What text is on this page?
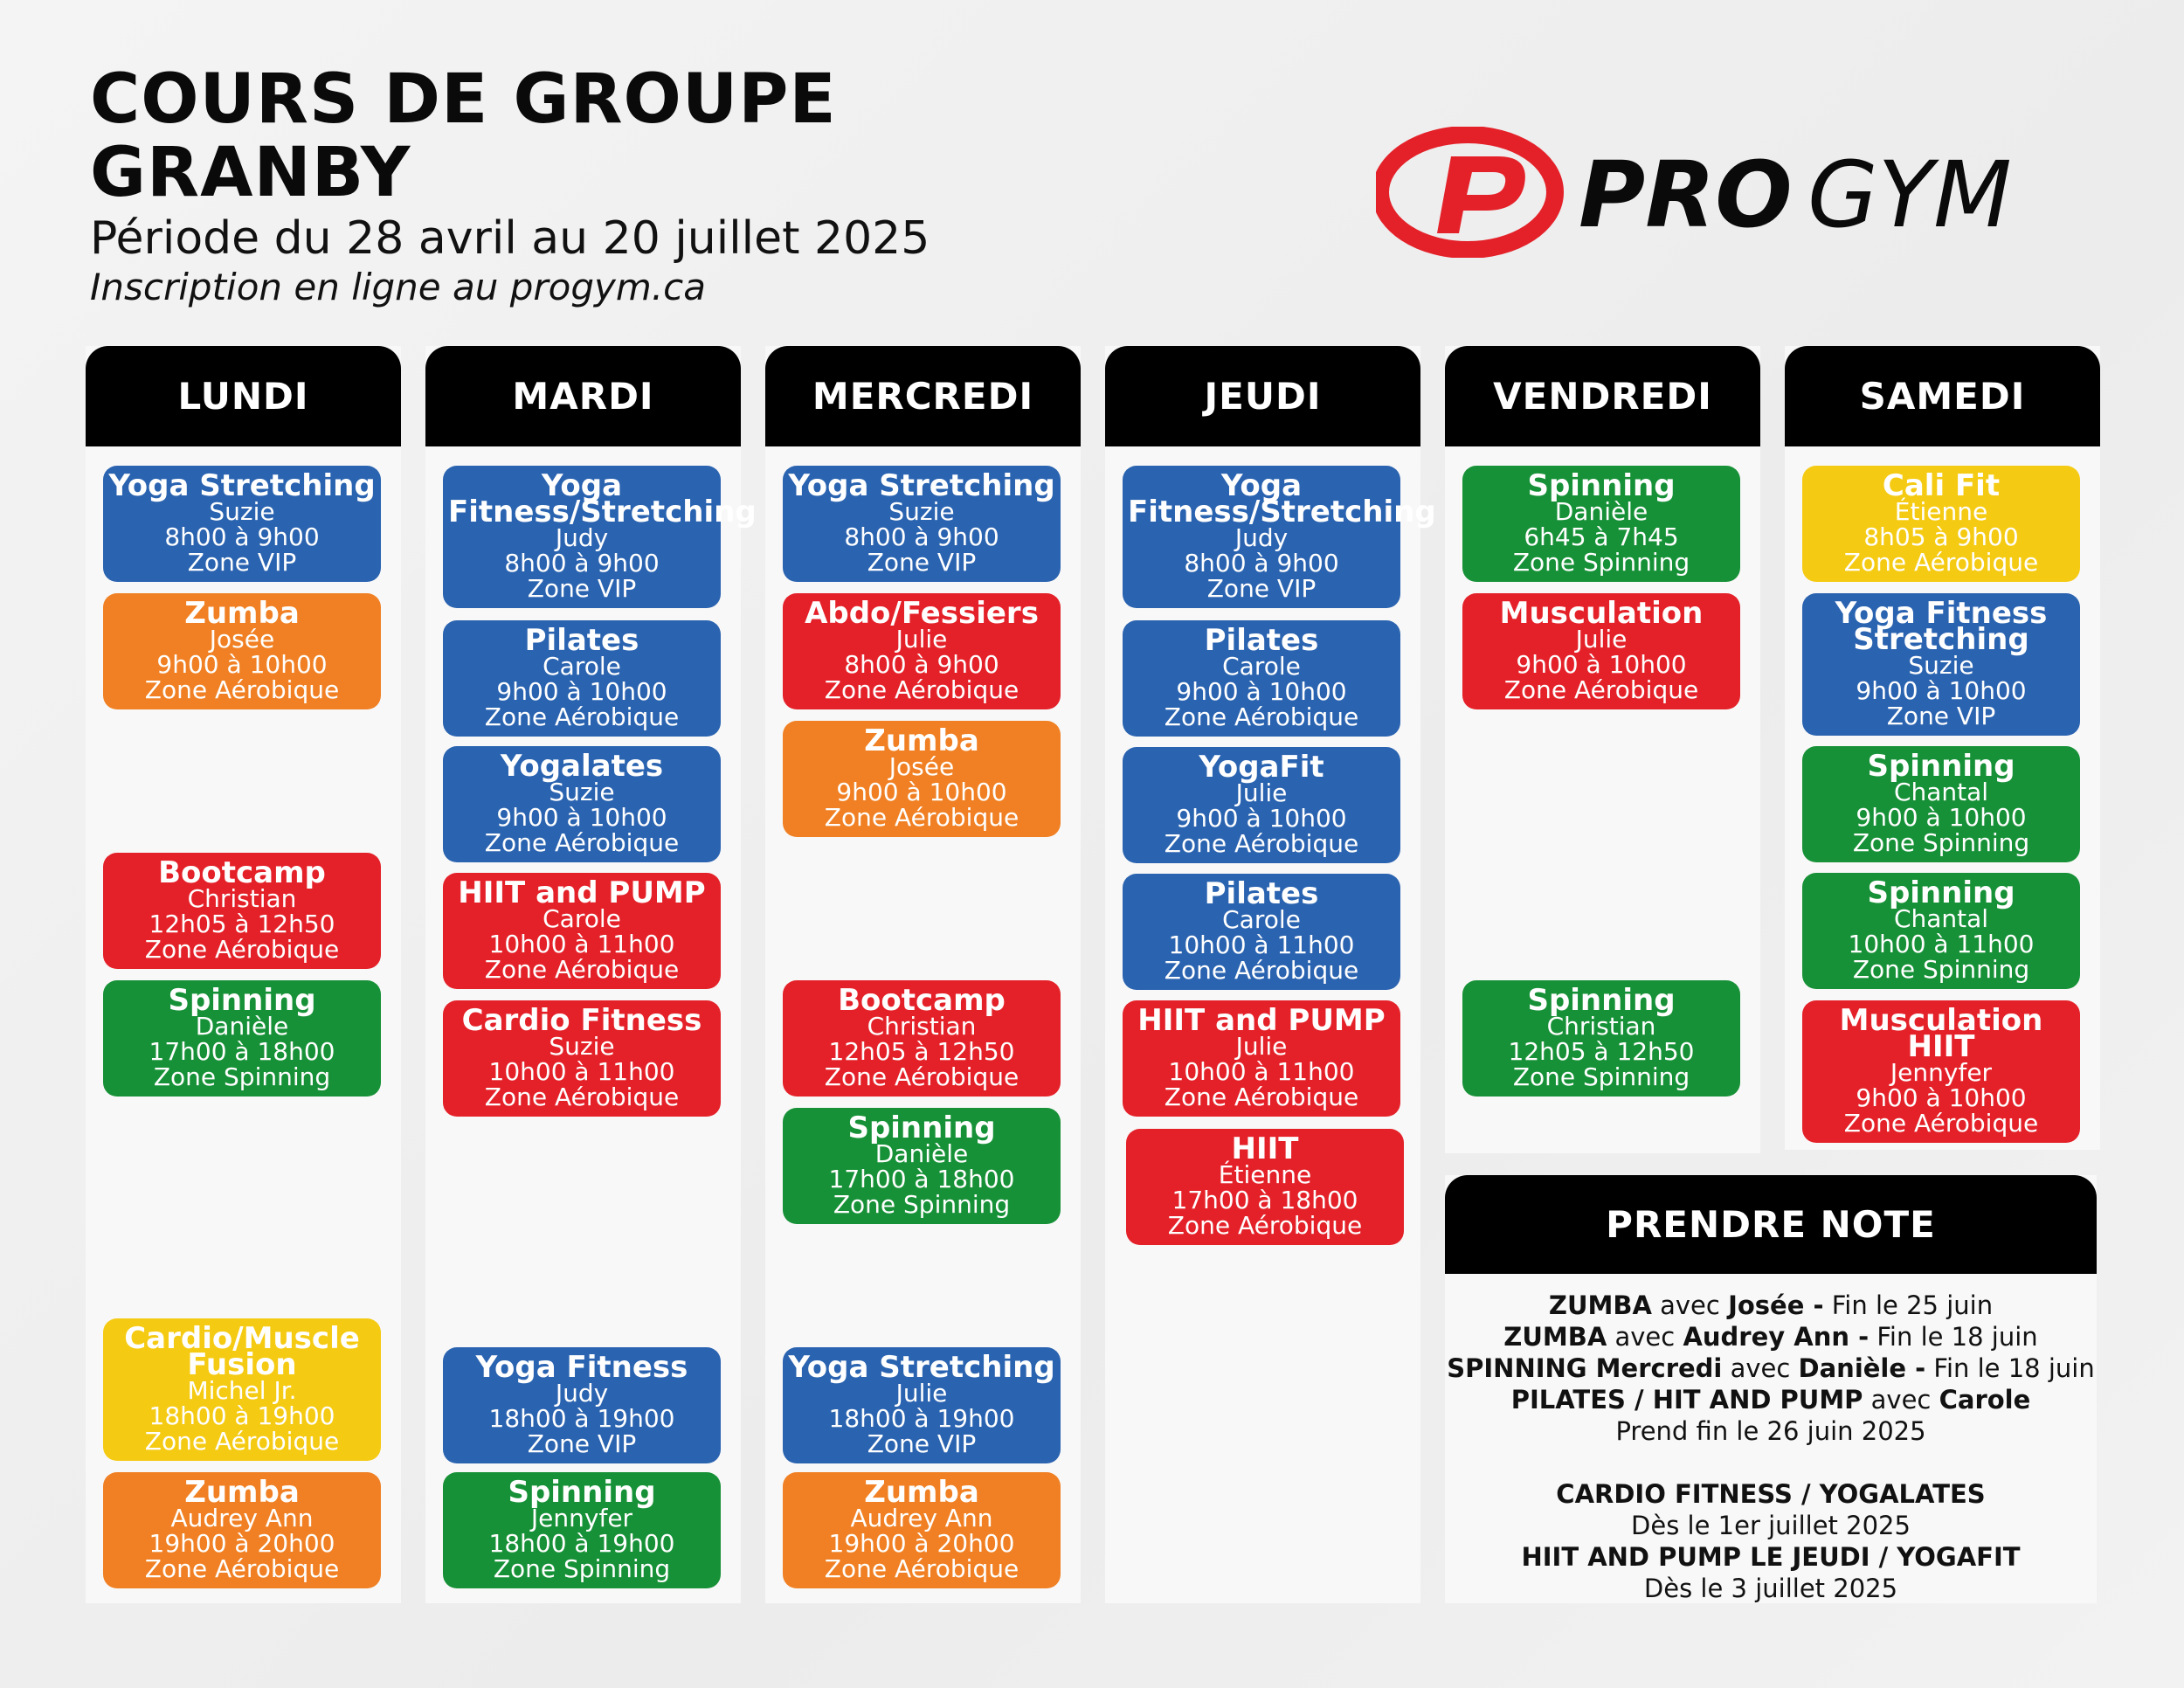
COURS DE GROUPE
GRANBY
Période du 28 avril au 20 juillet 2025
Inscription en ligne au progym.ca
PRO GYM
LUNDI
Yoga Stretching
Suzie
8h00 à 9h00
Zone VIP
Zumba
Josée
9h00 à 10h00
Zone Aérobique
Bootcamp
Christian
12h05 à 12h50
Zone Aérobique
Spinning
Danièle
17h00 à 18h00
Zone Spinning
Cardio/Muscle Fusion
Michel Jr.
18h00 à 19h00
Zone Aérobique
Zumba
Audrey Ann
19h00 à 20h00
Zone Aérobique
MARDI
Yoga Fitness/Stretching
Judy
8h00 à 9h00
Zone VIP
Pilates
Carole
9h00 à 10h00
Zone Aérobique
Yogalates
Suzie
9h00 à 10h00
Zone Aérobique
HIIT and PUMP
Carole
10h00 à 11h00
Zone Aérobique
Cardio Fitness
Suzie
10h00 à 11h00
Zone Aérobique
Yoga Fitness
Judy
18h00 à 19h00
Zone VIP
Spinning
Jennyfer
18h00 à 19h00
Zone Spinning
MERCREDI
Yoga Stretching
Suzie
8h00 à 9h00
Zone VIP
Abdo/Fessiers
Julie
8h00 à 9h00
Zone Aérobique
Zumba
Josée
9h00 à 10h00
Zone Aérobique
Bootcamp
Christian
12h05 à 12h50
Zone Aérobique
Spinning
Danièle
17h00 à 18h00
Zone Spinning
Yoga Stretching
Julie
18h00 à 19h00
Zone VIP
Zumba
Audrey Ann
19h00 à 20h00
Zone Aérobique
JEUDI
Yoga Fitness/Stretching
Judy
8h00 à 9h00
Zone VIP
Pilates
Carole
9h00 à 10h00
Zone Aérobique
YogaFit
Julie
9h00 à 10h00
Zone Aérobique
Pilates
Carole
10h00 à 11h00
Zone Aérobique
HIIT and PUMP
Julie
10h00 à 11h00
Zone Aérobique
HIIT
Étienne
17h00 à 18h00
Zone Aérobique
VENDREDI
Spinning
Danièle
6h45 à 7h45
Zone Spinning
Musculation
Julie
9h00 à 10h00
Zone Aérobique
Spinning
Christian
12h05 à 12h50
Zone Spinning
SAMEDI
Cali Fit
Étienne
8h05 à 9h00
Zone Aérobique
Yoga Fitness Stretching
Suzie
9h00 à 10h00
Zone VIP
Spinning
Chantal
9h00 à 10h00
Zone Spinning
Spinning
Chantal
10h00 à 11h00
Zone Spinning
Musculation HIIT
Jennyfer
9h00 à 10h00
Zone Aérobique
PRENDRE NOTE
ZUMBA avec Josée - Fin le 25 juin
ZUMBA avec Audrey Ann - Fin le 18 juin
SPINNING Mercredi avec Danièle - Fin le 18 juin
PILATES / HIT AND PUMP avec Carole
Prend fin le 26 juin 2025
CARDIO FITNESS / YOGALATES
Dès le 1er juillet 2025
HIIT AND PUMP LE JEUDI / YOGAFIT
Dès le 3 juillet 2025
